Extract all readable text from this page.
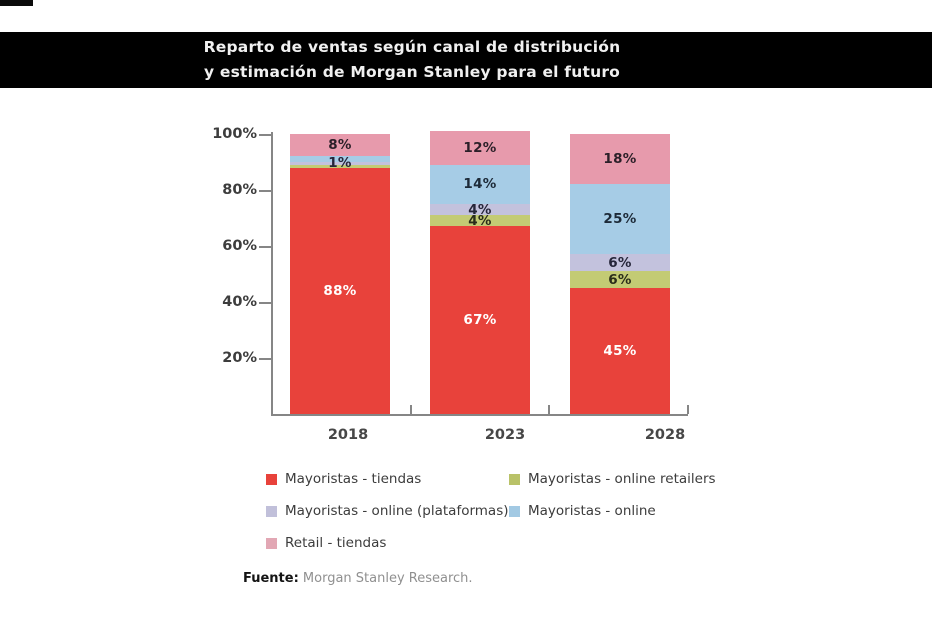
Reparto de ventas según canal de distribución
y estimación de Morgan Stanley para el futuro
100%
80%
60%
40%
20%
88%
1%
8%
2018
67%
4%
4%
14%
12%
2023
45%
6%
6%
25%
18%
2028
Mayoristas - tiendas
Mayoristas - online (plataformas)
Retail - tiendas
Mayoristas - online retailers
Mayoristas - online
Fuente: Morgan Stanley Research.
